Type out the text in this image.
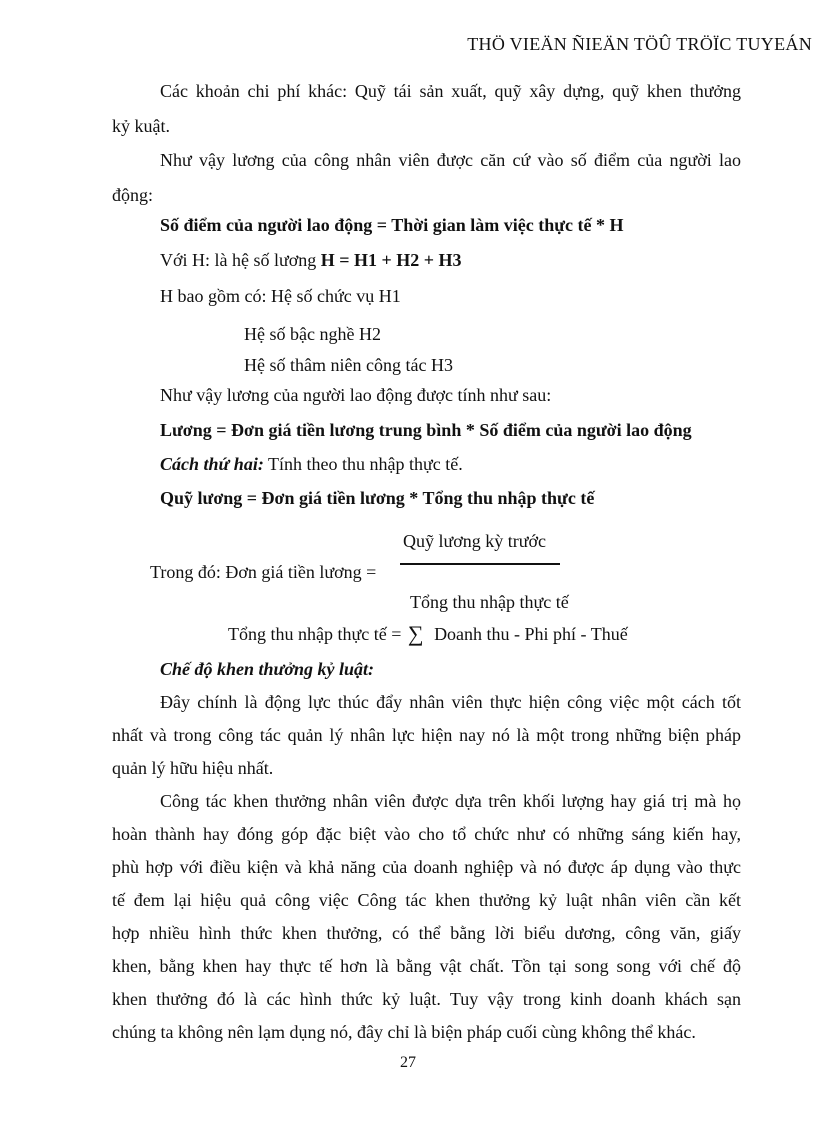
THÖ VIEÄN ÑIEÄN TÖÛ TRÖÏC TUYEÁN
Các khoản chi phí khác: Quỹ tái sản xuất, quỹ xây dựng, quỹ khen thưởng
kỷ kuật.
Như vậy lương của công nhân viên được căn cứ vào số điểm của người lao
động:
Số điểm của người lao động = Thời gian làm việc thực tế * H
Với H: là hệ số lương H = H1 + H2 + H3
H bao gồm có: Hệ số chức vụ H1
Hệ số bậc nghề H2
Hệ số thâm niên công tác H3
Như vậy lương của người lao động được tính như sau:
Lương = Đơn giá tiền lương trung bình * Số điểm của người lao động
Cách thứ hai: Tính theo thu nhập thực tế.
Quỹ lương = Đơn giá tiền lương * Tổng thu nhập thực tế
Quỹ lương kỳ trước
Trong đó: Đơn giá tiền lương =
Tổng thu nhập thực tế
Tổng thu nhập thực tế = ∑ Doanh thu - Phi phí - Thuế
Chế độ khen thưởng kỷ luật:
Đây chính là động lực thúc đẩy nhân viên thực hiện công việc một cách tốt
nhất và trong công tác quản lý nhân lực hiện nay nó là một trong những biện pháp
quản lý hữu hiệu nhất.
Công tác khen thưởng nhân viên được dựa trên khối lượng hay giá trị mà họ
hoàn thành hay đóng góp đặc biệt vào cho tổ chức như có những sáng kiến hay,
phù hợp với điều kiện và khả năng của doanh nghiệp và nó được áp dụng vào thực
tế đem lại hiệu quả công việc Công tác khen thưởng kỷ luật nhân viên cần kết
hợp nhiều hình thức khen thưởng, có thể bằng lời biểu dương, công văn, giấy
khen, bằng khen hay thực tế hơn là bằng vật chất. Tồn tại song song với chế độ
khen thưởng đó là các hình thức kỷ luật. Tuy vậy trong kinh doanh khách sạn
chúng ta không nên lạm dụng nó, đây chỉ là biện pháp cuối cùng không thể khác.
27
